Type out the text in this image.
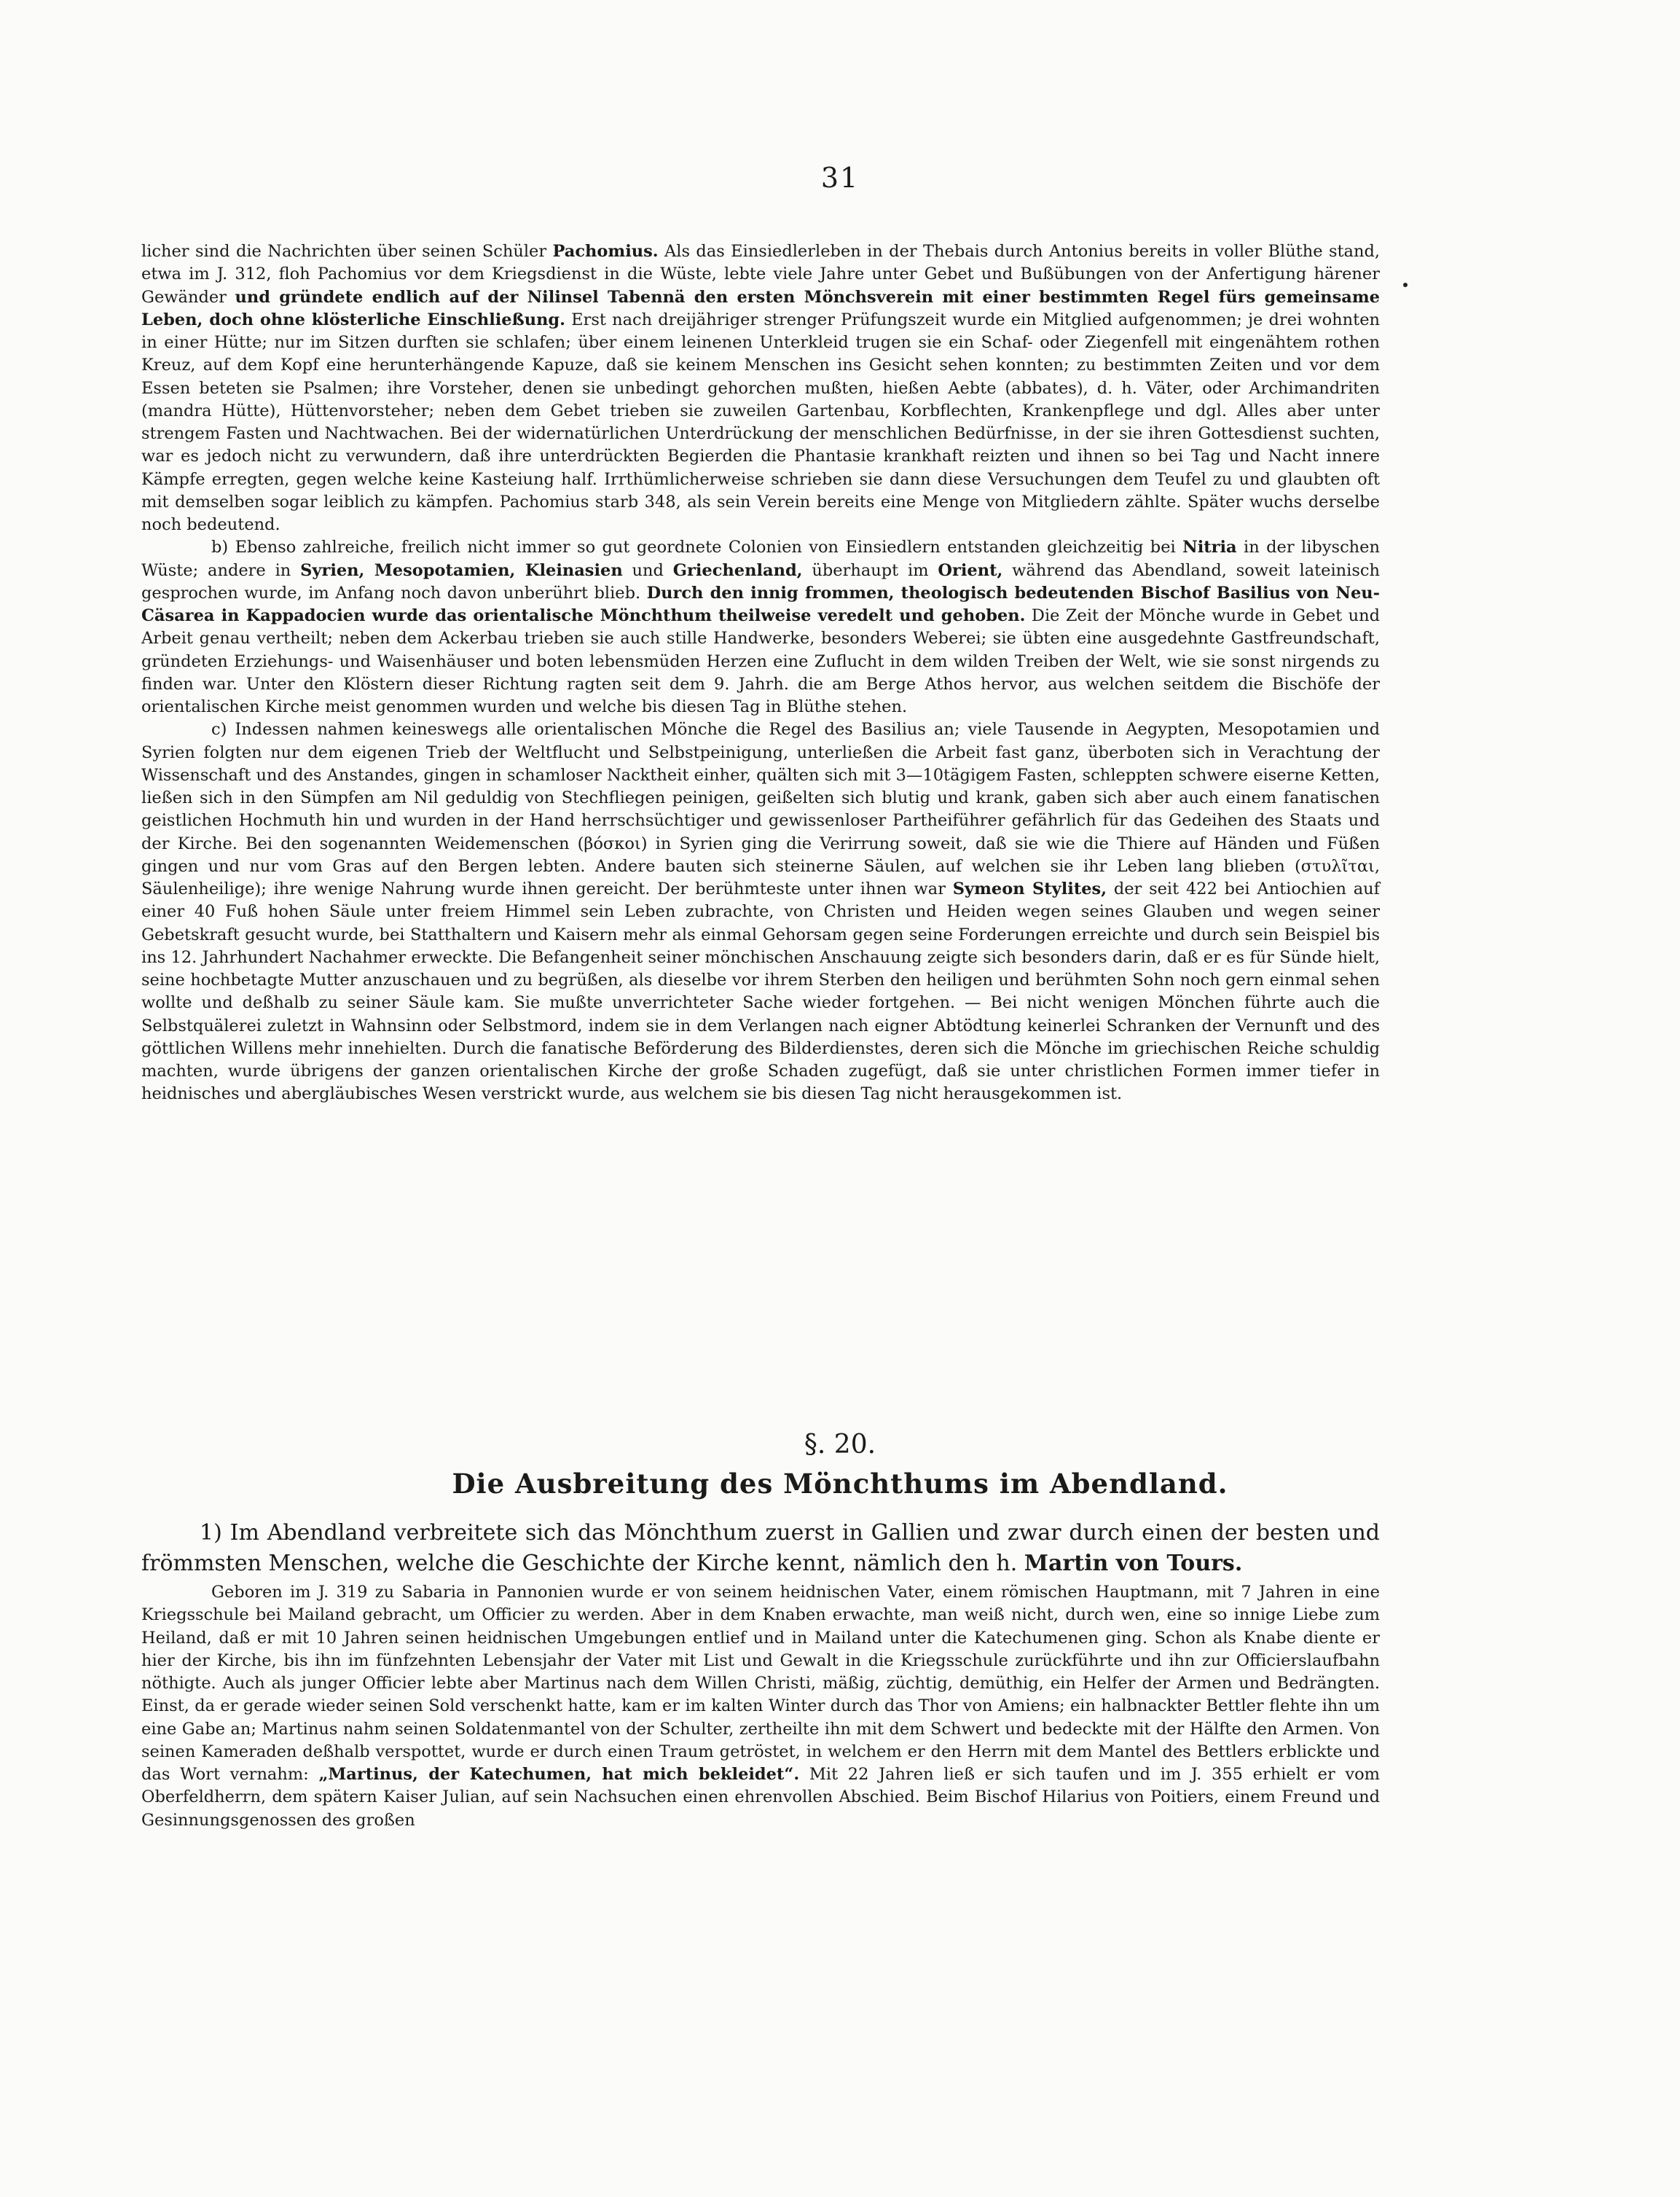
31

licher sind die Nachrichten über seinen Schüler Pachomius. Als das Einsiedlerleben in der Thebais durch Antonius bereits in voller Blüthe stand, etwa im J. 312, floh Pachomius vor dem Kriegsdienst in die Wüste, lebte viele Jahre unter Gebet und Bußübungen von der Anfertigung härener Gewänder und gründete endlich auf der Nilinsel Tabennä den ersten Mönchsverein mit einer bestimmten Regel fürs gemeinsame Leben, doch ohne klösterliche Einschließung. Erst nach dreijähriger strenger Prüfungszeit wurde ein Mitglied aufgenommen; je drei wohnten in einer Hütte; nur im Sitzen durften sie schlafen; über einem leinenen Unterkleid trugen sie ein Schaf- oder Ziegenfell mit eingenähtem rothen Kreuz, auf dem Kopf eine herunterhängende Kapuze, daß sie keinem Menschen ins Gesicht sehen konnten; zu bestimmten Zeiten und vor dem Essen beteten sie Psalmen; ihre Vorsteher, denen sie unbedingt gehorchen mußten, hießen Aebte (abbates), d. h. Väter, oder Archimandriten (mandra Hütte), Hüttenvorsteher; neben dem Gebet trieben sie zuweilen Gartenbau, Korbflechten, Krankenpflege und dgl. Alles aber unter strengem Fasten und Nachtwachen. Bei der widernatürlichen Unterdrückung der menschlichen Bedürfnisse, in der sie ihren Gottesdienst suchten, war es jedoch nicht zu verwundern, daß ihre unterdrückten Begierden die Phantasie krankhaft reizten und ihnen so bei Tag und Nacht innere Kämpfe erregten, gegen welche keine Kasteiung half. Irrthümlicherweise schrieben sie dann diese Versuchungen dem Teufel zu und glaubten oft mit demselben sogar leiblich zu kämpfen. Pachomius starb 348, als sein Verein bereits eine Menge von Mitgliedern zählte. Später wuchs derselbe noch bedeutend.

b) Ebenso zahlreiche, freilich nicht immer so gut geordnete Colonien von Einsiedlern entstanden gleichzeitig bei Nitria in der libyschen Wüste; andere in Syrien, Mesopotamien, Kleinasien und Griechenland, überhaupt im Orient, während das Abendland, soweit lateinisch gesprochen wurde, im Anfang noch davon unberührt blieb. Durch den innig frommen, theologisch bedeutenden Bischof Basilius von Neu-Cäsarea in Kappadocien wurde das orientalische Mönchthum theilweise veredelt und gehoben. Die Zeit der Mönche wurde in Gebet und Arbeit genau vertheilt; neben dem Ackerbau trieben sie auch stille Handwerke, besonders Weberei; sie übten eine ausgedehnte Gastfreundschaft, gründeten Erziehungs- und Waisenhäuser und boten lebensmüden Herzen eine Zuflucht in dem wilden Treiben der Welt, wie sie sonst nirgends zu finden war. Unter den Klöstern dieser Richtung ragten seit dem 9. Jahrh. die am Berge Athos hervor, aus welchen seitdem die Bischöfe der orientalischen Kirche meist genommen wurden und welche bis diesen Tag in Blüthe stehen.

c) Indessen nahmen keineswegs alle orientalischen Mönche die Regel des Basilius an; viele Tausende in Aegypten, Mesopotamien und Syrien folgten nur dem eigenen Trieb der Weltflucht und Selbstpeinigung, unterließen die Arbeit fast ganz, überboten sich in Verachtung der Wissenschaft und des Anstandes, gingen in schamloser Nacktheit einher, quälten sich mit 3—10tägigem Fasten, schleppten schwere eiserne Ketten, ließen sich in den Sümpfen am Nil geduldig von Stechfliegen peinigen, geißelten sich blutig und krank, gaben sich aber auch einem fanatischen geistlichen Hochmuth hin und wurden in der Hand herrschsüchtiger und gewissenloser Partheiführer gefährlich für das Gedeihen des Staats und der Kirche. Bei den sogenannten Weidemenschen (βόσκοι) in Syrien ging die Verirrung soweit, daß sie wie die Thiere auf Händen und Füßen gingen und nur vom Gras auf den Bergen lebten. Andere bauten sich steinerne Säulen, auf welchen sie ihr Leben lang blieben (στυλῖται, Säulenheilige); ihre wenige Nahrung wurde ihnen gereicht. Der berühmteste unter ihnen war Symeon Stylites, der seit 422 bei Antiochien auf einer 40 Fuß hohen Säule unter freiem Himmel sein Leben zubrachte, von Christen und Heiden wegen seines Glauben und wegen seiner Gebetskraft gesucht wurde, bei Statthaltern und Kaisern mehr als einmal Gehorsam gegen seine Forderungen erreichte und durch sein Beispiel bis ins 12. Jahrhundert Nachahmer erweckte. Die Befangenheit seiner mönchischen Anschauung zeigte sich besonders darin, daß er es für Sünde hielt, seine hochbetagte Mutter anzuschauen und zu begrüßen, als dieselbe vor ihrem Sterben den heiligen und berühmten Sohn noch gern einmal sehen wollte und deßhalb zu seiner Säule kam. Sie mußte unverrichteter Sache wieder fortgehen. — Bei nicht wenigen Mönchen führte auch die Selbstquälerei zuletzt in Wahnsinn oder Selbstmord, indem sie in dem Verlangen nach eigner Abtödtung keinerlei Schranken der Vernunft und des göttlichen Willens mehr innehielten. Durch die fanatische Beförderung des Bilderdienstes, deren sich die Mönche im griechischen Reiche schuldig machten, wurde übrigens der ganzen orientalischen Kirche der große Schaden zugefügt, daß sie unter christlichen Formen immer tiefer in heidnisches und abergläubisches Wesen verstrickt wurde, aus welchem sie bis diesen Tag nicht herausgekommen ist.

§. 20.
Die Ausbreitung des Mönchthums im Abendland.

1) Im Abendland verbreitete sich das Mönchthum zuerst in Gallien und zwar durch einen der besten und frömmsten Menschen, welche die Geschichte der Kirche kennt, nämlich den h. Martin von Tours.

Geboren im J. 319 zu Sabaria in Pannonien wurde er von seinem heidnischen Vater, einem römischen Hauptmann, mit 7 Jahren in eine Kriegsschule bei Mailand gebracht, um Officier zu werden. Aber in dem Knaben erwachte, man weiß nicht, durch wen, eine so innige Liebe zum Heiland, daß er mit 10 Jahren seinen heidnischen Umgebungen entlief und in Mailand unter die Katechumenen ging. Schon als Knabe diente er hier der Kirche, bis ihn im fünfzehnten Lebensjahr der Vater mit List und Gewalt in die Kriegsschule zurückführte und ihn zur Officierslaufbahn nöthigte. Auch als junger Officier lebte aber Martinus nach dem Willen Christi, mäßig, züchtig, demüthig, ein Helfer der Armen und Bedrängten. Einst, da er gerade wieder seinen Sold verschenkt hatte, kam er im kalten Winter durch das Thor von Amiens; ein halbnackter Bettler flehte ihn um eine Gabe an; Martinus nahm seinen Soldatenmantel von der Schulter, zertheilte ihn mit dem Schwert und bedeckte mit der Hälfte den Armen. Von seinen Kameraden deßhalb verspottet, wurde er durch einen Traum getröstet, in welchem er den Herrn mit dem Mantel des Bettlers erblickte und das Wort vernahm: „Martinus, der Katechumen, hat mich bekleidet“. Mit 22 Jahren ließ er sich taufen und im J. 355 erhielt er vom Oberfeldherrn, dem spätern Kaiser Julian, auf sein Nachsuchen einen ehrenvollen Abschied. Beim Bischof Hilarius von Poitiers, einem Freund und Gesinnungsgenossen des großen
